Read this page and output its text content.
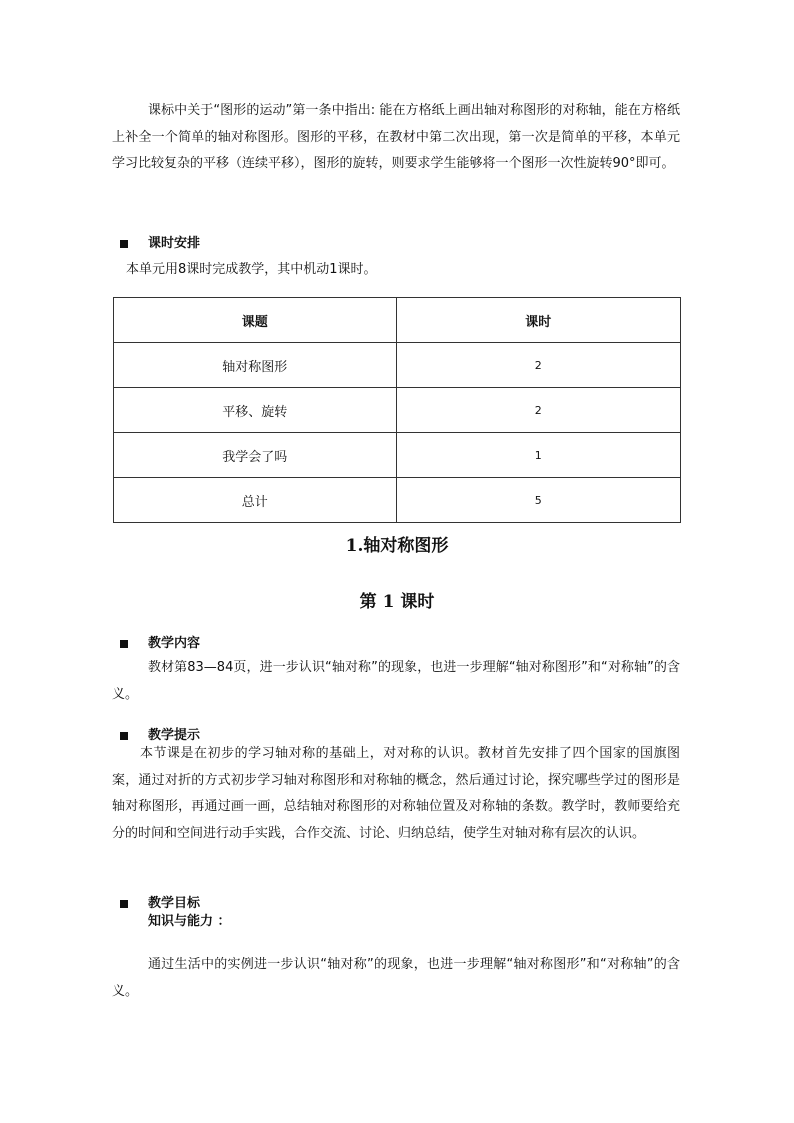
课标中关于“图形的运动”第一条中指出: 能在方格纸上画出轴对称图形的对称轴，能在方格纸上补全一个简单的轴对称图形。图形的平移，在教材中第二次出现，第一次是简单的平移，本单元学习比较复杂的平移（连续平移），图形的旋转，则要求学生能够将一个图形一次性旋转90°即可。

课时安排

本单元用8课时完成教学，其中机动1课时。

课题	课时
轴对称图形	2
平移、旋转	2
我学会了吗	1
总计	5
1.轴对称图形
第 1 课时
教学内容

教材第83—84页，进一步认识“轴对称”的现象，也进一步理解“轴对称图形”和“对称轴”的含义。

教学提示

本节课是在初步的学习轴对称的基础上，对对称的认识。教材首先安排了四个国家的国旗图案，通过对折的方式初步学习轴对称图形和对称轴的概念，然后通过讨论，探究哪些学过的图形是轴对称图形，再通过画一画，总结轴对称图形的对称轴位置及对称轴的条数。教学时，教师要给充分的时间和空间进行动手实践，合作交流、讨论、归纳总结，使学生对轴对称有层次的认识。

教学目标
知识与能力 ：

通过生活中的实例进一步认识“轴对称”的现象，也进一步理解“轴对称图形”和“对称轴”的含义。
